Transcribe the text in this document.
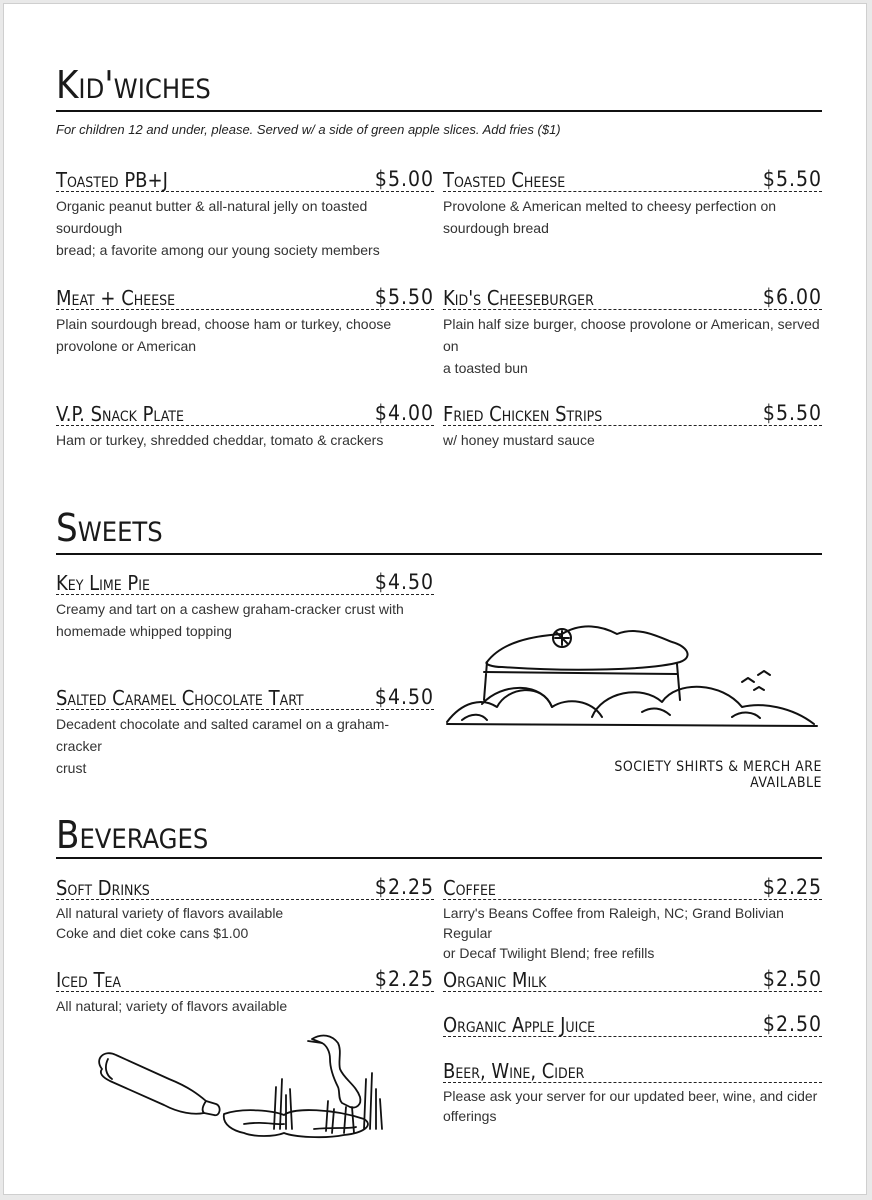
Kid'wiches
For children 12 and under, please. Served w/ a side of green apple slices. Add fries ($1)
Toasted PB+J	$5.00
Organic peanut butter & all-natural jelly on toasted sourdough
bread; a favorite among our young society members
Toasted Cheese	$5.50
Provolone & American melted to cheesy perfection on
sourdough bread
Meat + Cheese	$5.50
Plain sourdough bread, choose ham or turkey, choose
provolone or American
Kid's Cheeseburger	$6.00
Plain half size burger, choose provolone or American, served on
a toasted bun
V.P. Snack Plate	$4.00
Ham or turkey, shredded cheddar, tomato & crackers
Fried Chicken Strips	$5.50
w/ honey mustard sauce
Sweets
Key Lime Pie	$4.50
Creamy and tart on a cashew graham-cracker crust with
homemade whipped topping
Salted Caramel Chocolate Tart	$4.50
Decadent chocolate and salted caramel on a graham-cracker
crust	SOCIETY SHIRTS & MERCH ARE AVAILABLE
Beverages
Soft Drinks	$2.25
All natural variety of flavors available
Coke and diet coke cans $1.00
Coffee	$2.25
Larry's Beans Coffee from Raleigh, NC; Grand Bolivian Regular
or Decaf Twilight Blend; free refills
Iced Tea	$2.25
All natural; variety of flavors available
Organic Milk	$2.50
Organic Apple Juice	$2.50
Beer, Wine, Cider
Please ask your server for our updated beer, wine, and cider
offerings
